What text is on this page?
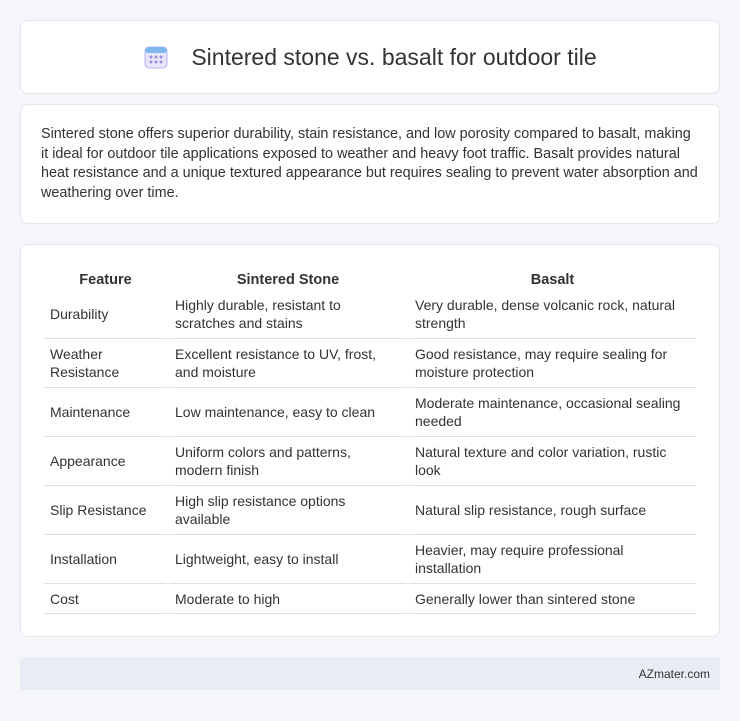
Sintered stone vs. basalt for outdoor tile

Sintered stone offers superior durability, stain resistance, and low porosity compared to basalt, making it ideal for outdoor tile applications exposed to weather and heavy foot traffic. Basalt provides natural heat resistance and a unique textured appearance but requires sealing to prevent water absorption and weathering over time.

Feature	Sintered Stone	Basalt
Durability	Highly durable, resistant to scratches and stains	Very durable, dense volcanic rock, natural strength
Weather Resistance	Excellent resistance to UV, frost, and moisture	Good resistance, may require sealing for moisture protection
Maintenance	Low maintenance, easy to clean	Moderate maintenance, occasional sealing needed
Appearance	Uniform colors and patterns, modern finish	Natural texture and color variation, rustic look
Slip Resistance	High slip resistance options available	Natural slip resistance, rough surface
Installation	Lightweight, easy to install	Heavier, may require professional installation
Cost	Moderate to high	Generally lower than sintered stone
AZmater.com
